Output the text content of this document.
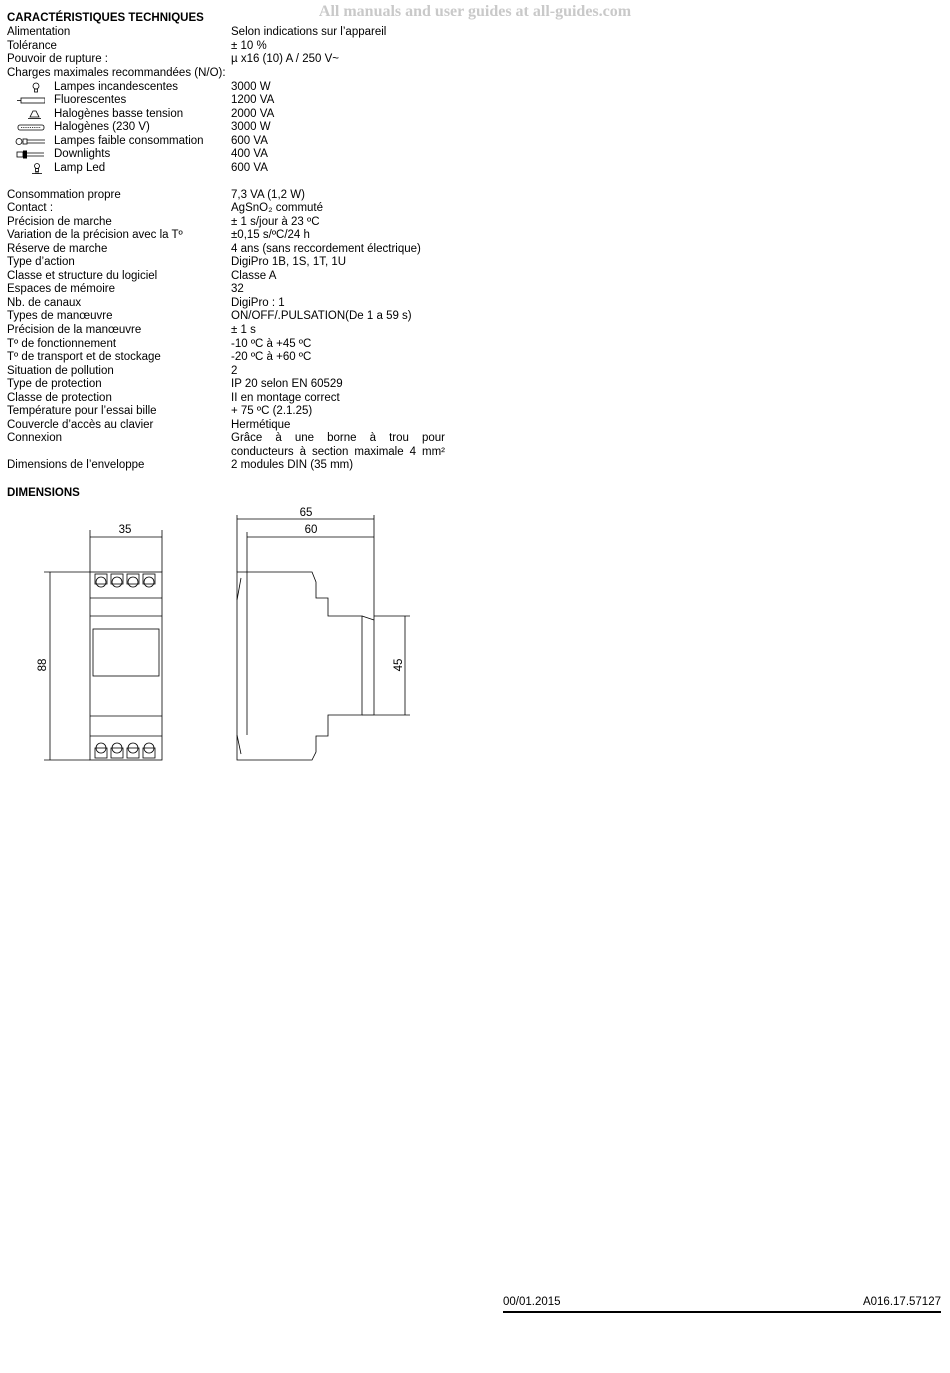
All manuals and user guides at all-guides.com
CARACTÉRISTIQUES TECHNIQUES
Alimentation	Selon indications sur l’appareil
Tolérance	± 10 %
Pouvoir de rupture :	µ x16 (10) A / 250 V~
Charges maximales recommandées (N/O):
Lampes incandescentes	3000 W
Fluorescentes	1200 VA
Halogènes basse tension	2000 VA
Halogènes (230 V)	3000 W
Lampes faible consommation 600 VA
Downlights	400 VA
Lamp Led	600 VA
Consommation propre	7,3 VA (1,2 W)
Contact :	AgSnO₂ commuté
Précision de marche	± 1 s/jour à 23 ºC
Variation de la précision avec la Tº	±0,15 s/ºC/24 h
Réserve de marche	4 ans (sans reccordement électrique)
Type d’action	DigiPro 1B, 1S, 1T, 1U
Classe et structure du logiciel	Classe A
Espaces de mémoire	32
Nb. de canaux	DigiPro : 1
Types de manœuvre	ON/OFF/.PULSATION(De 1 a 59 s)
Précision de la manœuvre	± 1 s
Tº de fonctionnement	-10 ºC à +45 ºC
Tº de transport et de stockage	-20 ºC à +60 ºC
Situation de pollution	2
Type de protection	IP 20 selon EN 60529
Classe de protection	II en montage correct
Température pour l’essai bille	+ 75 ºC (2.1.25)
Couvercle d’accès au clavier	Hermétique
Connexion	Grâce à une borne à trou pour conducteurs à section maximale 4 mm²
Dimensions de l’enveloppe	2 modules DIN (35 mm)
DIMENSIONS
35
88
65
60
45
00/01.2015	A016.17.57127
